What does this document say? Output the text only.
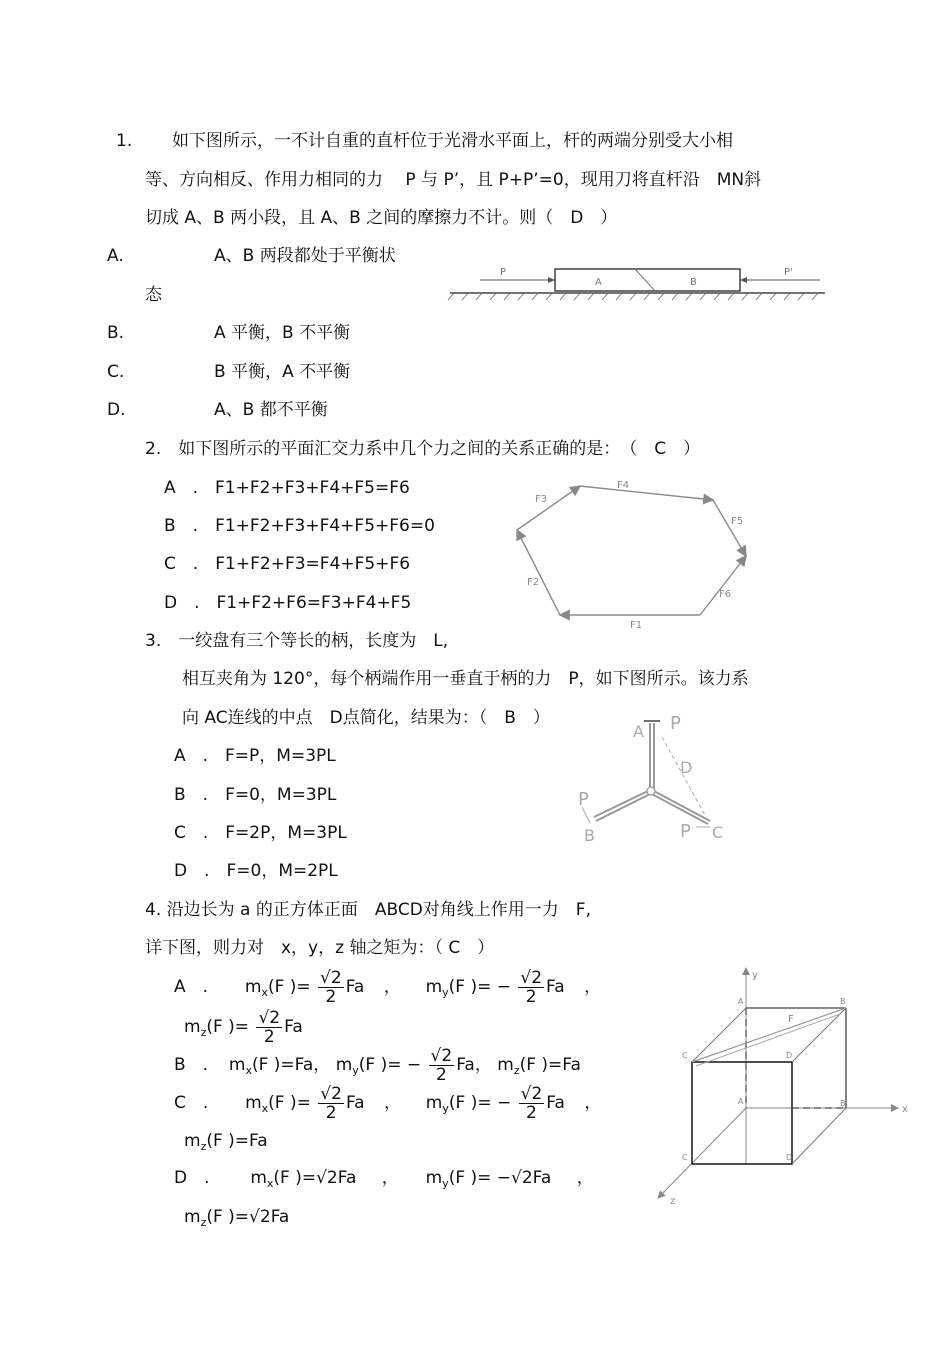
1. 如下图所示，一不计自重的直杆位于光滑水平面上，杆的两端分别受大小相
等、方向相反、作用力相同的力　 P 与 P’，且 P+P’=0，现用刀将直杆沿　MN斜
切成 A、B 两小段，且 A、B 之间的摩擦力不计。则（　D　）
A.	A、B 两段都处于平衡状
态
B.	A 平衡，B 不平衡
C.	B 平衡，A 不平衡
D.	A、B 都不平衡
P
A	B
P'
2.　如下图所示的平面汇交力系中几个力之间的关系正确的是：　（　C　）
A　.　F1+F2+F3+F4+F5=F6
B　.　F1+F2+F3+F4+F5+F6=0
C　.　F1+F2+F3=F4+F5+F6
D　.　F1+F2+F6=F3+F4+F5
F1
F2
F3
F4
F5
F6
3.　一绞盘有三个等长的柄，长度为　L,
相互夹角为 120°，每个柄端作用一垂直于柄的力　P，如下图所示。该力系
向 AC连线的中点　D点简化，结果为：（　B　）
A　.　F=P，M=3PL
B　.　F=0，M=3PL
C　.　F=2P，M=3PL
D　.　F=0，M=2PL
A P
D
P
B	P C
4. 沿边长为 a 的正方体正面　ABCD对角线上作用一力　F,
详下图，则力对　x，y，z 轴之矩为：（ C　）
A　. $m_x(F$ )= $\frac{√2}{2}$ Fa ， $m_y(F$ )= − $\frac{√2}{2}$ Fa ，
$m_z(F$ )= $\frac{√2}{2}$ Fa
B　. $m_x(F$ )=Fa， $m_y(F$ )= − $\frac{√2}{2}$ Fa， $m_z(F$ )=Fa
C　. $m_x(F$ )= $\frac{√2}{2}$ Fa ， $m_y(F$ )= − $\frac{√2}{2}$ Fa ，
$m_z(F$ )=Fa
D　. $m_x(F$ )=√2Fa ， $m_y(F$ )= −√2Fa ，
$m_z(F$ )=√2Fa
y
x
z
F
A	B
C	D
A	B
C	D
